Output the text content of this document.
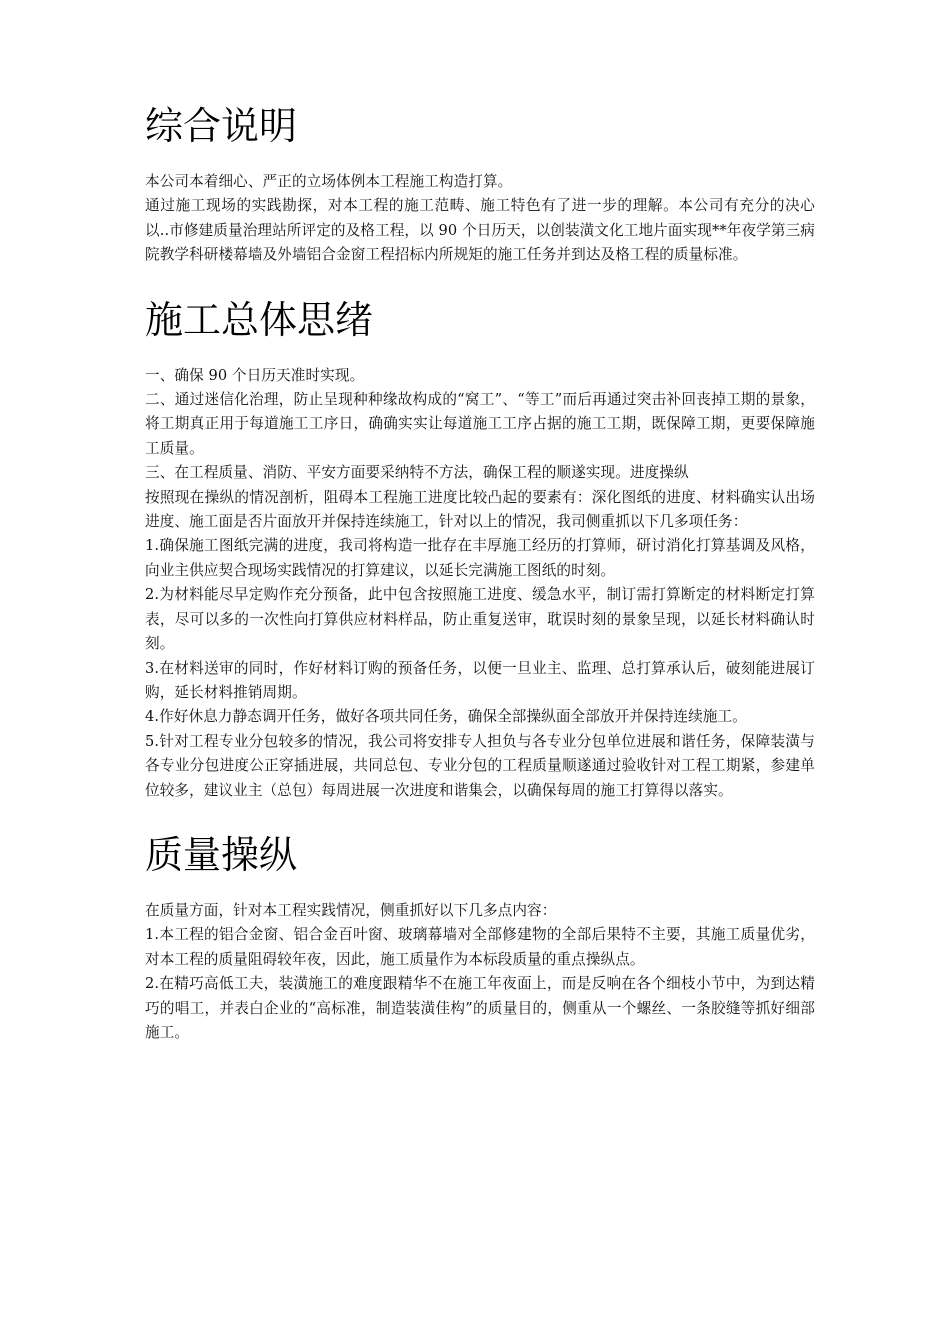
综合说明

本公司本着细心、严正的立场体例本工程施工构造打算。

通过施工现场的实践勘探，对本工程的施工范畴、施工特色有了进一步的理解。本公司有充分的决心以..市修建质量治理站所评定的及格工程，以 90 个日历天，以创装潢文化工地片面实现**年夜学第三病院教学科研楼幕墙及外墙铝合金窗工程招标内所规矩的施工任务并到达及格工程的质量标准。

施工总体思绪

一、确保 90 个日历天准时实现。

二、通过迷信化治理，防止呈现种种缘故构成的“窝工”、“等工”而后再通过突击补回丧掉工期的景象，将工期真正用于每道施工工序日，确确实实让每道施工工序占据的施工工期，既保障工期，更要保障施工质量。

三、在工程质量、消防、平安方面要采纳特不方法，确保工程的顺遂实现。进度操纵

按照现在操纵的情况剖析，阻碍本工程施工进度比较凸起的要素有：深化图纸的进度、材料确实认出场进度、施工面是否片面放开并保持连续施工，针对以上的情况，我司侧重抓以下几多项任务：

1.确保施工图纸完满的进度，我司将构造一批存在丰厚施工经历的打算师，研讨消化打算基调及风格，向业主供应契合现场实践情况的打算建议，以延长完满施工图纸的时刻。

2.为材料能尽早定购作充分预备，此中包含按照施工进度、缓急水平，制订需打算断定的材料断定打算表，尽可以多的一次性向打算供应材料样品，防止重复送审，耽误时刻的景象呈现，以延长材料确认时刻。

3.在材料送审的同时，作好材料订购的预备任务，以便一旦业主、监理、总打算承认后，破刻能进展订购，延长材料推销周期。

4.作好休息力静态调开任务，做好各项共同任务，确保全部操纵面全部放开并保持连续施工。

5.针对工程专业分包较多的情况，我公司将安排专人担负与各专业分包单位进展和谐任务，保障装潢与各专业分包进度公正穿插进展，共同总包、专业分包的工程质量顺遂通过验收针对工程工期紧，参建单位较多，建议业主（总包）每周进展一次进度和谐集会，以确保每周的施工打算得以落实。

质量操纵

在质量方面，针对本工程实践情况，侧重抓好以下几多点内容：

1.本工程的铝合金窗、铝合金百叶窗、玻璃幕墙对全部修建物的全部后果特不主要，其施工质量优劣，对本工程的质量阻碍较年夜，因此，施工质量作为本标段质量的重点操纵点。

2.在精巧高低工夫，装潢施工的难度跟精华不在施工年夜面上，而是反响在各个细枝小节中，为到达精巧的唱工，并表白企业的“高标准，制造装潢佳构”的质量目的，侧重从一个螺丝、一条胶缝等抓好细部施工。
